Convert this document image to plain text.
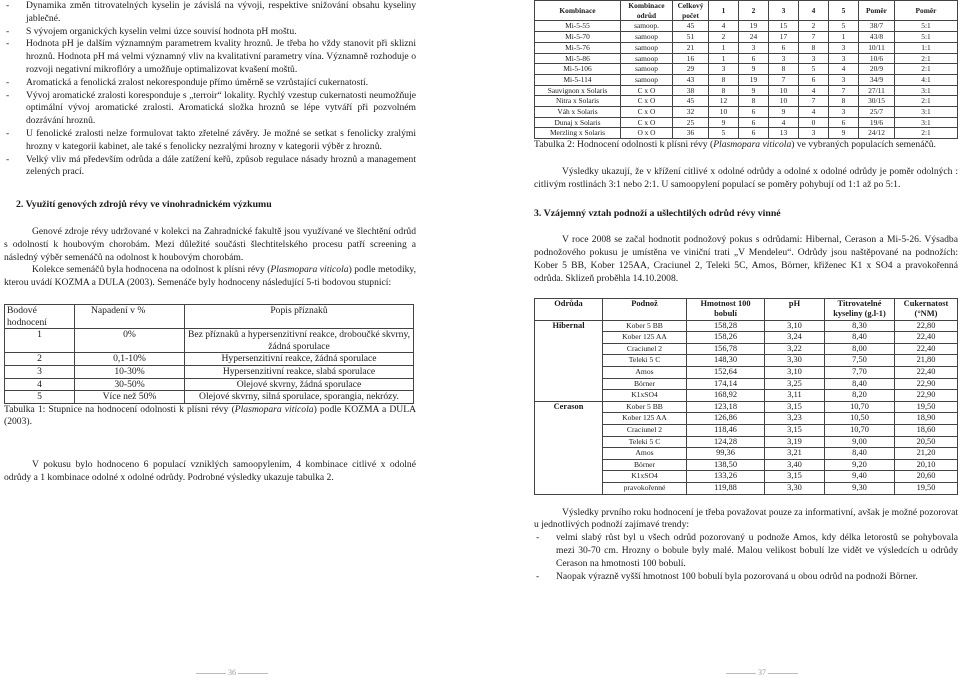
-	Dynamika změn titrovatelných kyselin je závislá na vývoji, respektive snižování obsahu kyseliny jablečné.
-	S vývojem organických kyselin velmi úzce souvisí hodnota pH moštu.
-	Hodnota pH je dalším významným parametrem kvality hroznů. Je třeba ho vždy stanovit při sklizni hroznů. Hodnota pH má velmi významný vliv na kvalitativní parametry vína. Významně rozhoduje o rozvoji negativní mikroflóry a umožňuje optimalizovat kvašení moštů.
-	Aromatická a fenolická zralost nekoresponduje přímo úměrně se vzrůstající cukernatostí.
-	Vývoj aromatické zralosti koresponduje s „terroir“ lokality. Rychlý vzestup cukernatosti neumožňuje optimální vývoj aromatické zralosti. Aromatická složka hroznů se lépe vytváří při pozvolném dozrávání hroznů.
-	U fenolické zralosti nelze formulovat takto zřetelné závěry. Je možné se setkat s fenolicky zralými hrozny v kategorii kabinet, ale také s fenolicky nezralými hrozny v kategorii výběr z hroznů.
-	Velký vliv má především odrůda a dále zatížení keřů, způsob regulace násady hroznů a management zelených prací.
2. Využití genových zdrojů révy ve vinohradnickém výzkumu

Genové zdroje révy udržované v kolekci na Zahradnické fakultě jsou využívané ve šlechtění odrůd s odolností k houbovým chorobám. Mezi důležité součásti šlechtitelského procesu patří screening a následný výběr semenáčů na odolnost k houbovým chorobám.

Kolekce semenáčů byla hodnocena na odolnost k plísni révy (Plasmopara viticola) podle metodiky, kterou uvádí KOZMA a DULA (2003). Semenáče byly hodnoceny následující 5-ti bodovou stupnicí:

Bodové hodnocení	Napadení v %	Popis příznaků
1	0%	Bez příznaků a hypersenzitivní reakce, droboučké skvrny, žádná sporulace
2	0,1-10%	Hypersenzitivní reakce, žádná sporulace
3	10-30%	Hypersenzitivní reakce, slabá sporulace
4	30-50%	Olejové skvrny, žádná sporulace
5	Více než 50%	Olejové skvrny, silná sporulace, sporangia, nekrózy.

Tabulka 1: Stupnice na hodnocení odolnosti k plísni révy (Plasmopara viticola) podle KOZMA a DULA (2003).

V pokusu bylo hodnoceno 6 populací vzniklých samoopylením, 4 kombinace citlivé x odolné odrůdy a 1 kombinace odolné x odolné odrůdy. Podrobné výsledky ukazuje tabulka 2.

Kombinace	Kombinace odrůd	Celkový počet	1	2	3	4	5	Poměr	Poměr
Mi-5-55	samoop.	45	4	19	15	2	5	38/7	5:1
Mi-5-70	samoop	51	2	24	17	7	1	43/8	5:1
Mi-5-76	samoop	21	1	3	6	8	3	10/11	1:1
Mi-5-86	samoop	16	1	6	3	3	3	10/6	2:1
Mi-5-106	samoop	29	3	9	8	5	4	20/9	2:1
Mi-5-114	samoop	43	8	19	7	6	3	34/9	4:1
Sauvignon x Solaris	C x O	38	8	9	10	4	7	27/11	3:1
Nitra x Solaris	C x O	45	12	8	10	7	8	30/15	2:1
Váh x Solaris	C x O	32	10	6	9	4	3	25/7	3:1
Dunaj x Solaris	C x O	25	9	6	4	0	6	19/6	3:1
Merzling x Solaris	O x O	36	5	6	13	3	9	24/12	2:1

Tabulka 2: Hodnocení odolnosti k plísni révy (Plasmopara viticola) ve vybraných populacích semenáčů.

Výsledky ukazují, že v křížení citlivé x odolné odrůdy a odolné x odolné odrůdy je poměr odolných : citlivým rostlinách 3:1 nebo 2:1. U samoopylení populací se poměry pohybují od 1:1 až po 5:1.

3. Vzájemný vztah podnoží a ušlechtilých odrůd révy vinné

V roce 2008 se začal hodnotit podnožový pokus s odrůdami: Hibernal, Cerason a Mi-5-26. Výsadba podnožového pokusu je umístěna ve viniční trati „V Mendeleu“. Odrůdy jsou naštěpované na podnožích: Kober 5 BB, Kober 125AA, Craciunel 2, Teleki 5C, Amos, Börner, křiženec K1 x SO4 a pravokořenná odrůda. Sklizeň proběhla 14.10.2008.

Odrůda	Podnož	Hmotnost 100 bobulí	pH	Titrovatelné kyseliny (g.l-1)	Cukernatost (°NM)
Hibernal	Kober 5 BB	158,28	3,10	8,30	22,80
	Kober 125 AA	158,26	3,24	8,40	22,40
	Craciunel 2	156,78	3,22	8,00	22,40
	Teleki 5 C	148,30	3,30	7,50	21,80
	Amos	152,64	3,10	7,70	22,40
	Börner	174,14	3,25	8,40	22,90
	K1xSO4	168,92	3,11	8,20	22,90
Cerason	Kober 5 BB	123,18	3,15	10,70	19,50
	Kober 125 AA	126,86	3,23	10,50	18,90
	Craciunel 2	118,46	3,15	10,70	18,60
	Teleki 5 C	124,28	3,19	9,00	20,50
	Amos	99,36	3,21	8,40	21,20
	Börner	138,50	3,40	9,20	20,10
	K1xSO4	133,26	3,15	9,40	20,60
	pravokořenné	119,88	3,30	9,30	19,50

Výsledky prvního roku hodnocení je třeba považovat pouze za informativní, avšak je možné pozorovat u jednotlivých podnoží zajímavé trendy:

-	velmi slabý růst byl u všech odrůd pozorovaný u podnože Amos, kdy délka letorostů se pohybovala mezi 30-70 cm. Hrozny o bobule byly malé. Malou velikost bobulí lze vidět ve výsledcích u odrůdy Cerason na hmotnosti 100 bobulí.
-	Naopak výrazně vyšší hmotnost 100 bobulí byla pozorovaná u obou odrůd na podnoži Börner.
36	37
